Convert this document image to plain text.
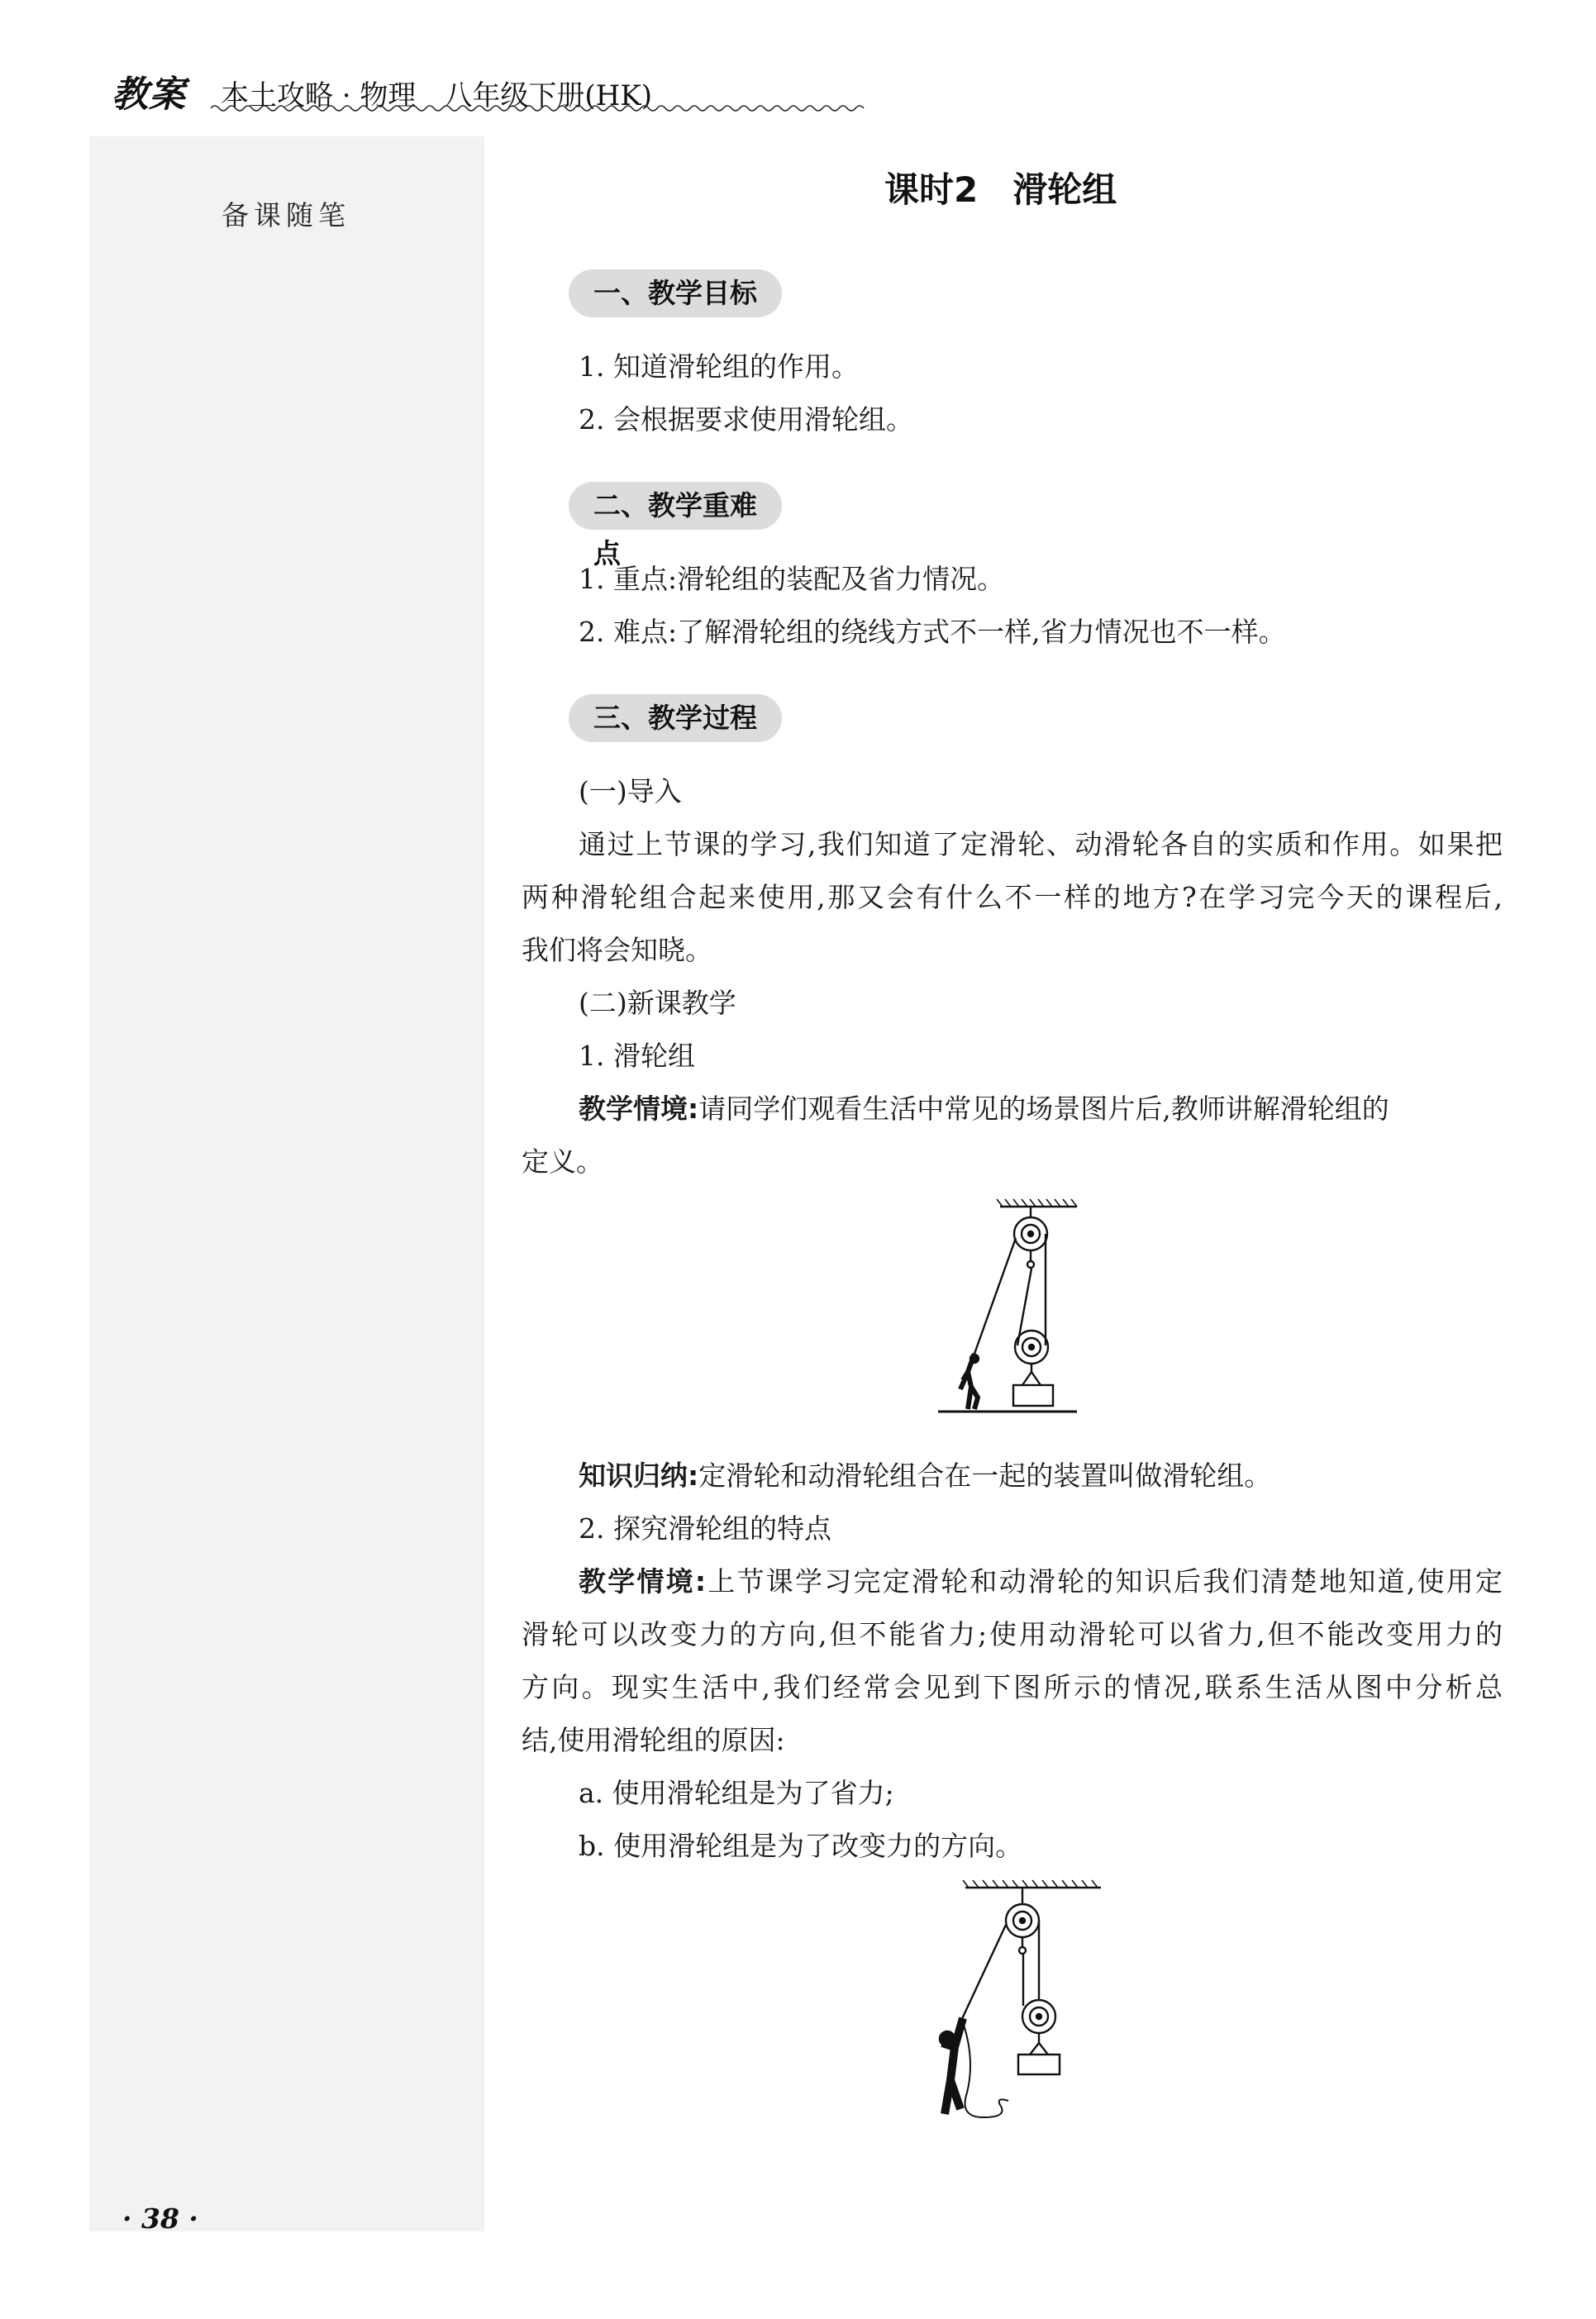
教案 本土攻略 · 物理　八年级下册(HK)
备课随笔
课时2　滑轮组
一、教学目标
1. 知道滑轮组的作用。
2. 会根据要求使用滑轮组。
二、教学重难点
1. 重点:滑轮组的装配及省力情况。
2. 难点:了解滑轮组的绕线方式不一样,省力情况也不一样。
三、教学过程
(一)导入
通过上节课的学习,我们知道了定滑轮、动滑轮各自的实质和作用。如果把
两种滑轮组合起来使用,那又会有什么不一样的地方?在学习完今天的课程后,
我们将会知晓。
(二)新课教学
1. 滑轮组
教学情境:请同学们观看生活中常见的场景图片后,教师讲解滑轮组的
定义。
知识归纳:定滑轮和动滑轮组合在一起的装置叫做滑轮组。
2. 探究滑轮组的特点
教学情境:上节课学习完定滑轮和动滑轮的知识后我们清楚地知道,使用定
滑轮可以改变力的方向,但不能省力;使用动滑轮可以省力,但不能改变用力的
方向。现实生活中,我们经常会见到下图所示的情况,联系生活从图中分析总
结,使用滑轮组的原因:
a. 使用滑轮组是为了省力;
b. 使用滑轮组是为了改变力的方向。
· 38 ·
